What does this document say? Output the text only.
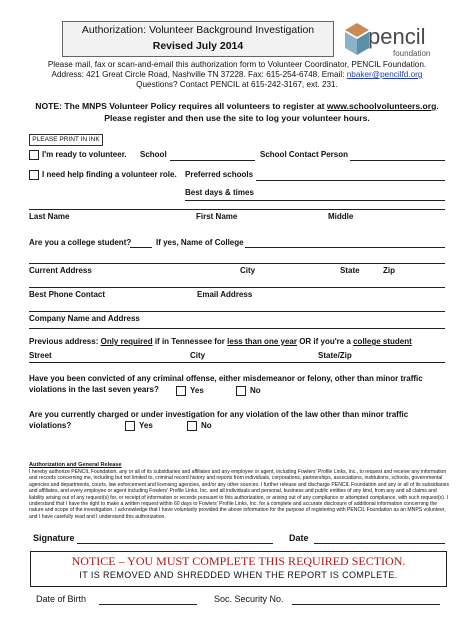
Authorization: Volunteer Background Investigation
Revised July 2014	pencil
foundation
Please mail, fax or scan-and-email this authorization form to Volunteer Coordinator, PENCIL Foundation.
Address: 421 Great Circle Road, Nashville TN 37228. Fax: 615-254-6748. Email: nbaker@pencilfd.org
Questions? Contact PENCIL at 615-242-3167, ext. 231.
NOTE: The MNPS Volunteer Policy requires all volunteers to register at www.schoolvolunteers.org.
Please register and then use the site to log your volunteer hours.
PLEASE PRINT IN INK
I'm ready to volunteer. School	School Contact Person
I need help finding a volunteer role. Preferred schools
Best days & times
Last Name	First Name	Middle
Are you a college student?	If yes, Name of College
Current Address	City	State	Zip
Best Phone Contact	Email Address
Company Name and Address
Previous address: Only required if in Tennessee for less than one year OR if you're a college student
Street	City	State/Zip
Have you been convicted of any criminal offense, either misdemeanor or felony, other than minor traffic
violations in the last seven years?	Yes	No
Are you currently charged or under investigation for any violation of the law other than minor traffic
violations?	Yes	No
Authorization and General Release
I hereby authorize PENCIL Foundation, any or all of its subsidiaries and affiliates and any employee or agent, including Fowlers' Profile Links, Inc., to request and receive any information and records concerning me, including but not limited to, criminal record history and reports from individuals, corporations, partnerships, associations, institutions, schools, governmental agencies and departments, courts, law enforcement and licensing agencies, and/or any other sources. I further release and discharge PENCIL Foundation and any or all of its subsidiaries and affiliates, and every employee or agent including Fowlers' Profile Links, Inc. and all individuals and personal, business and public entities of any kind, from any and all claims and liability arising out of any request(s) for, or receipt of information or records pursuant to this authorization, or arising out of any compliance or attempted compliance, with such request(s). I understand that I have the right to make a written request within 60 days to Fowlers' Profile Links, Inc. for a complete and accurate disclosure of additional information concerning the nature and scope of the investigation. I acknowledge that I have voluntarily provided the above information for the purpose of registering with PENCIL Foundation as an MNPS volunteer, and I have carefully read and I understand this authorization.
Signature	Date
NOTICE – YOU MUST COMPLETE THIS REQUIRED SECTION.
IT IS REMOVED AND SHREDDED WHEN THE REPORT IS COMPLETE.
Date of Birth	Soc. Security No.
